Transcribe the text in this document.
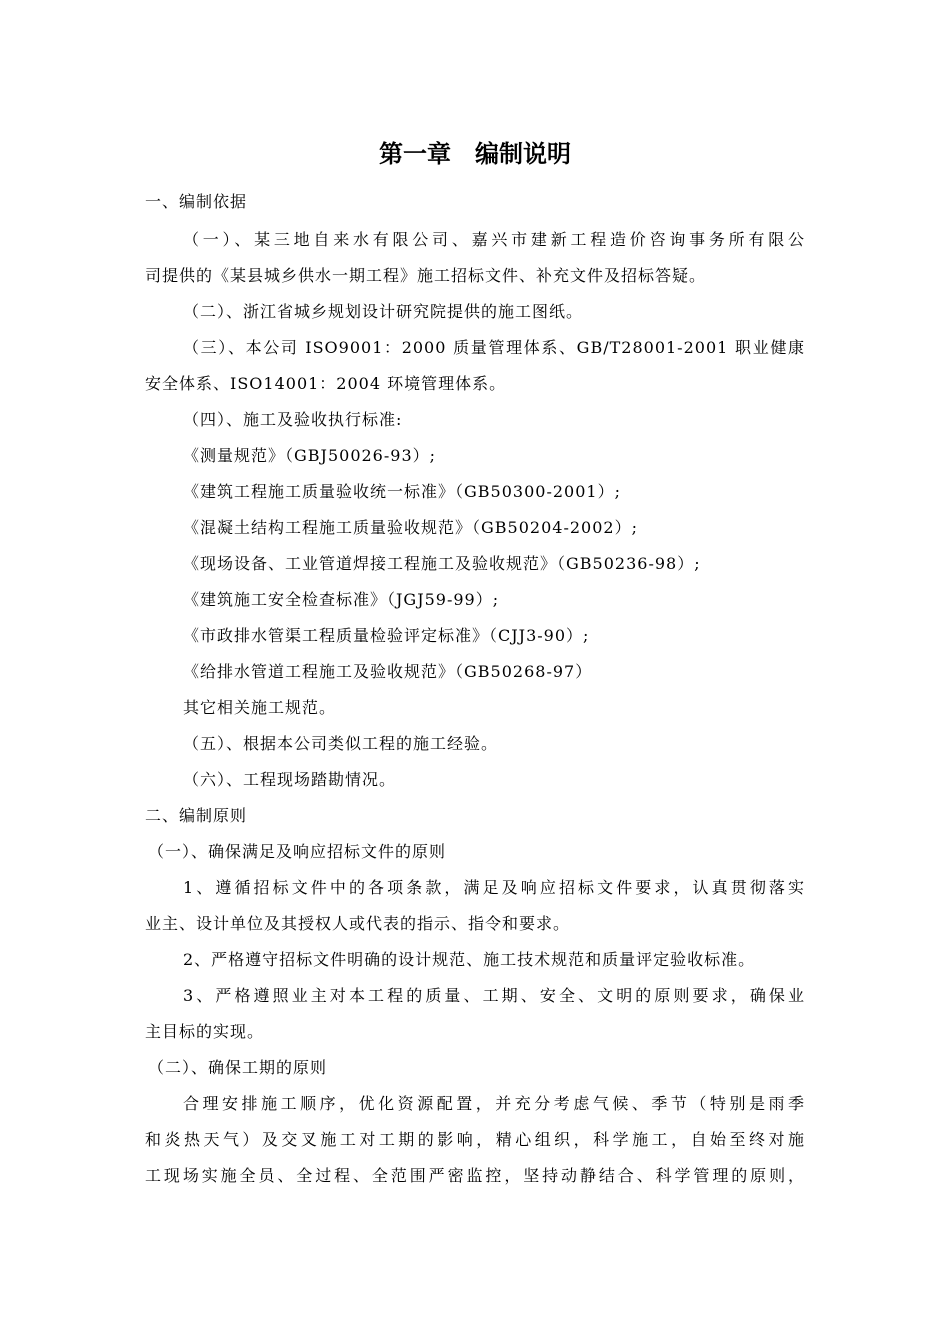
第一章　编制说明
一、编制依据
（一）、某三地自来水有限公司、嘉兴市建新工程造价咨询事务所有限公
司提供的《某县城乡供水一期工程》施工招标文件、补充文件及招标答疑。
（二）、浙江省城乡规划设计研究院提供的施工图纸。
（三）、本公司 ISO9001：2000 质量管理体系、GB/T28001-2001 职业健康
安全体系、ISO14001：2004 环境管理体系。
（四）、施工及验收执行标准:
《测量规范》（GBJ50026-93）;
《建筑工程施工质量验收统一标准》（GB50300-2001）;
《混凝土结构工程施工质量验收规范》（GB50204-2002）;
《现场设备、工业管道焊接工程施工及验收规范》（GB50236-98）;
《建筑施工安全检查标准》（JGJ59-99）;
《市政排水管渠工程质量检验评定标准》（CJJ3-90）;
《给排水管道工程施工及验收规范》（GB50268-97）
其它相关施工规范。
（五）、根据本公司类似工程的施工经验。
（六）、工程现场踏勘情况。
二、编制原则
（一）、确保满足及响应招标文件的原则
1、遵循招标文件中的各项条款，满足及响应招标文件要求，认真贯彻落实
业主、设计单位及其授权人或代表的指示、指令和要求。
2、严格遵守招标文件明确的设计规范、施工技术规范和质量评定验收标准。
3、严格遵照业主对本工程的质量、工期、安全、文明的原则要求，确保业
主目标的实现。
（二）、确保工期的原则
合理安排施工顺序，优化资源配置，并充分考虑气候、季节（特别是雨季
和炎热天气）及交叉施工对工期的影响，精心组织，科学施工，自始至终对施
工现场实施全员、全过程、全范围严密监控，坚持动静结合、科学管理的原则，
